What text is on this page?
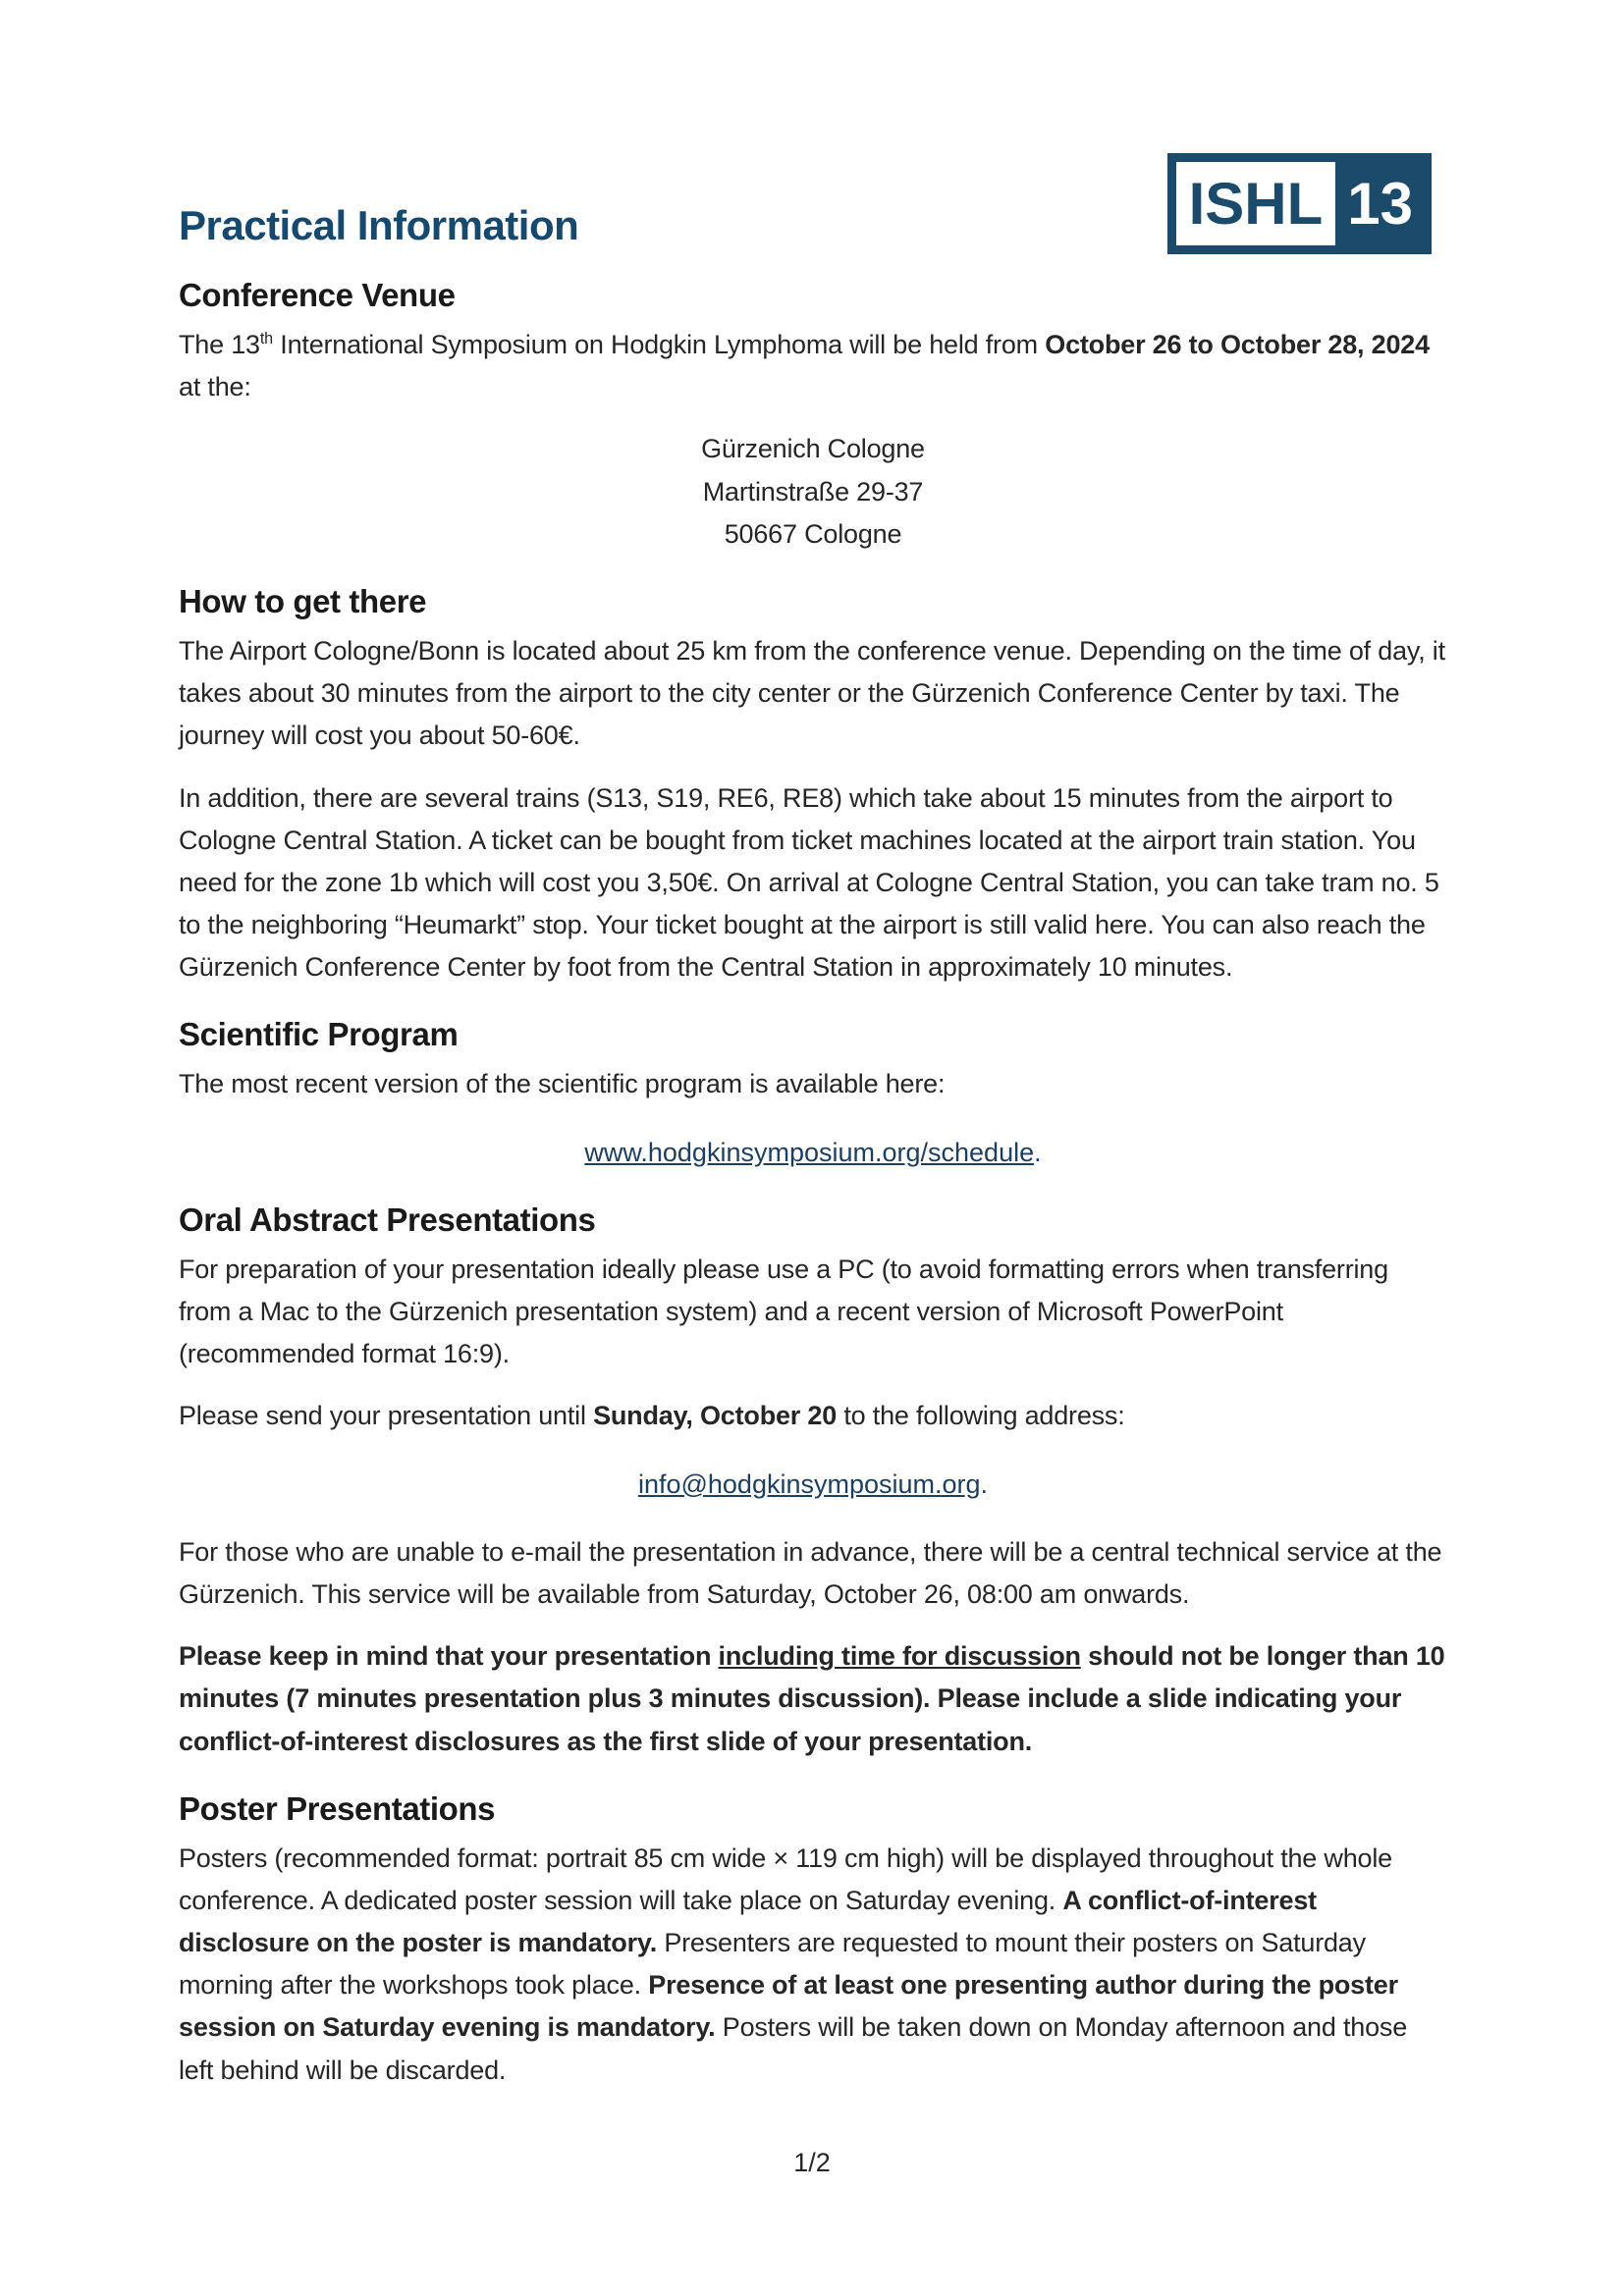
ISHL 13
Practical Information
Conference Venue

The 13th International Symposium on Hodgkin Lymphoma will be held from October 26 to October 28, 2024 at the:

Gürzenich Cologne
Martinstraße 29-37
50667 Cologne
How to get there

The Airport Cologne/Bonn is located about 25 km from the conference venue. Depending on the time of day, it takes about 30 minutes from the airport to the city center or the Gürzenich Conference Center by taxi. The journey will cost you about 50-60€.

In addition, there are several trains (S13, S19, RE6, RE8) which take about 15 minutes from the airport to Cologne Central Station. A ticket can be bought from ticket machines located at the airport train station. You need for the zone 1b which will cost you 3,50€. On arrival at Cologne Central Station, you can take tram no. 5 to the neighboring “Heumarkt” stop. Your ticket bought at the airport is still valid here. You can also reach the Gürzenich Conference Center by foot from the Central Station in approximately 10 minutes.

Scientific Program

The most recent version of the scientific program is available here:

www.hodgkinsymposium.org/schedule.
Oral Abstract Presentations

For preparation of your presentation ideally please use a PC (to avoid formatting errors when transferring from a Mac to the Gürzenich presentation system) and a recent version of Microsoft PowerPoint (recommended format 16:9).

Please send your presentation until Sunday, October 20 to the following address:

info@hodgkinsymposium.org.

For those who are unable to e-mail the presentation in advance, there will be a central technical service at the Gürzenich. This service will be available from Saturday, October 26, 08:00 am onwards.

Please keep in mind that your presentation including time for discussion should not be longer than 10 minutes (7 minutes presentation plus 3 minutes discussion). Please include a slide indicating your conflict-of-interest disclosures as the first slide of your presentation.

Poster Presentations

Posters (recommended format: portrait 85 cm wide × 119 cm high) will be displayed throughout the whole conference. A dedicated poster session will take place on Saturday evening. A conflict-of-interest disclosure on the poster is mandatory. Presenters are requested to mount their posters on Saturday morning after the workshops took place. Presence of at least one presenting author during the poster session on Saturday evening is mandatory. Posters will be taken down on Monday afternoon and those left behind will be discarded.

1/2
